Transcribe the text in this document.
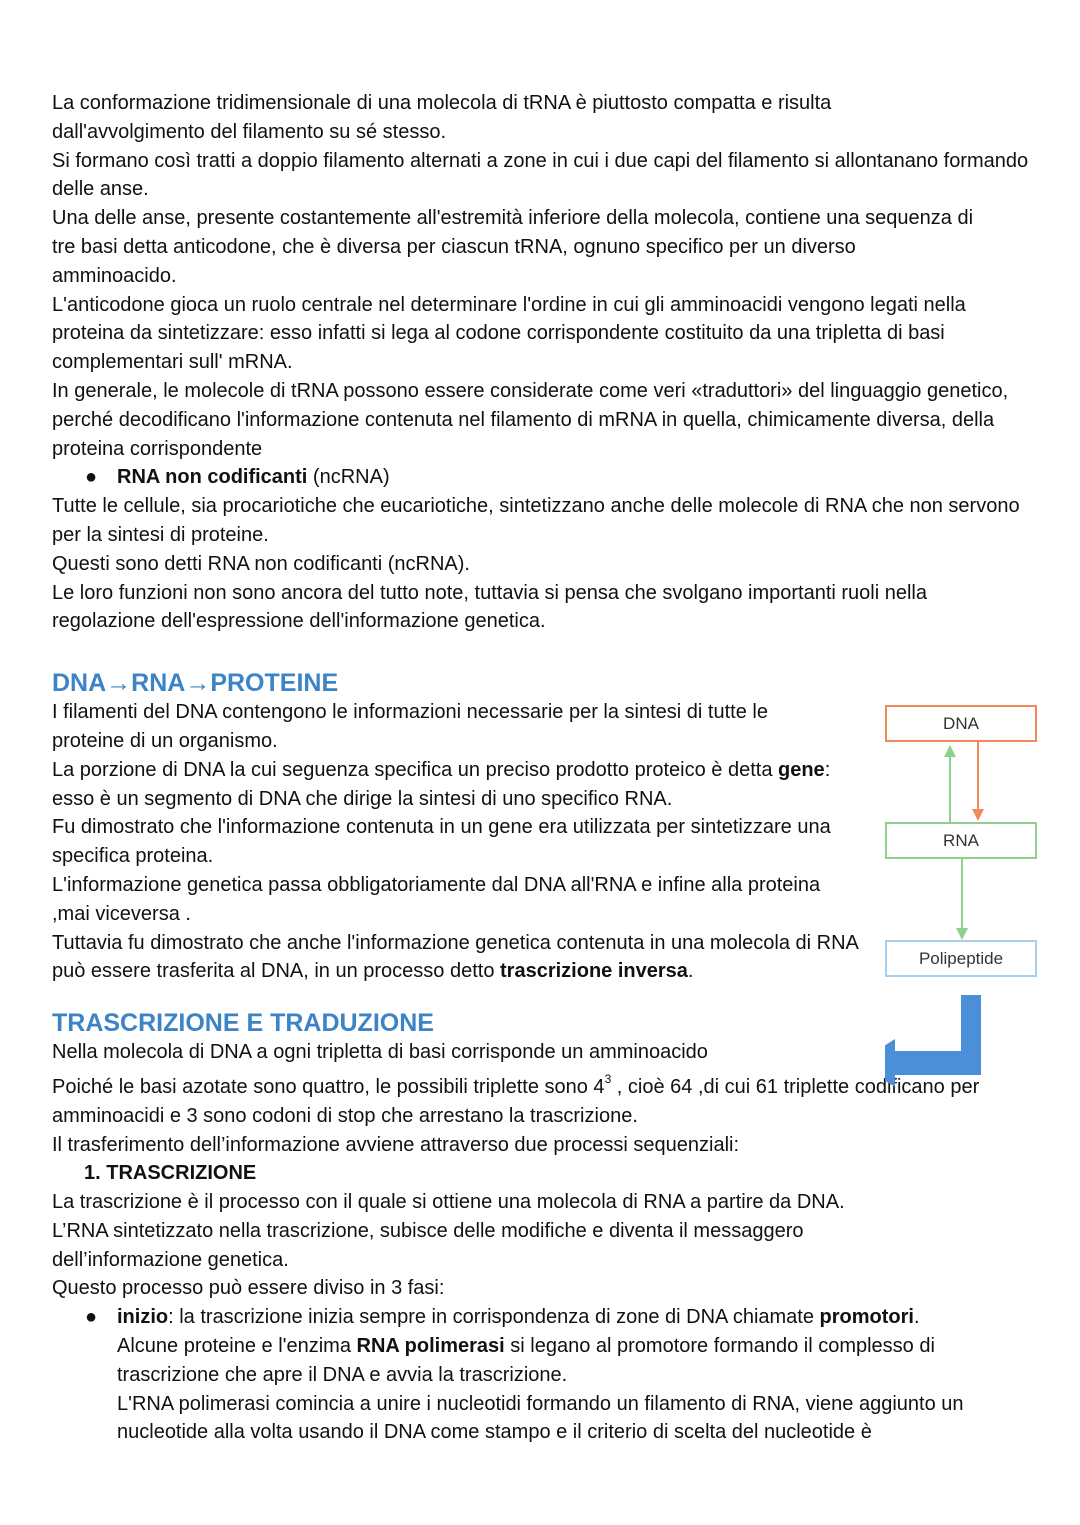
La conformazione tridimensionale di una molecola di tRNA è piuttosto compatta e risulta dall'avvolgimento del filamento su sé stesso.

Si formano così tratti a doppio filamento alternati a zone in cui i due capi del filamento si allontanano formando delle anse.

Una delle anse, presente costantemente all'estremità inferiore della molecola, contiene una sequenza di tre basi detta anticodone, che è diversa per ciascun tRNA, ognuno specifico per un diverso amminoacido.

L'anticodone gioca un ruolo centrale nel determinare l'ordine in cui gli amminoacidi vengono legati nella proteina da sintetizzare: esso infatti si lega al codone corrispondente costituito da una tripletta di basi complementari sull' mRNA.

In generale, le molecole di tRNA possono essere considerate come veri «traduttori» del linguaggio genetico, perché decodificano l'informazione contenuta nel filamento di mRNA in quella, chimicamente diversa, della proteina corrispondente

● RNA non codificanti (ncRNA)

Tutte le cellule, sia procariotiche che eucariotiche, sintetizzano anche delle molecole di RNA che non servono per la sintesi di proteine.

Questi sono detti RNA non codificanti (ncRNA).

Le loro funzioni non sono ancora del tutto note, tuttavia si pensa che svolgano importanti ruoli nella regolazione dell'espressione dell'informazione genetica.

DNA→RNA→PROTEINE

I filamenti del DNA contengono le informazioni necessarie per la sintesi di tutte le proteine di un organismo.

La porzione di DNA la cui seguenza specifica un preciso prodotto proteico è detta gene: esso è un segmento di DNA che dirige la sintesi di uno specifico RNA.

Fu dimostrato che l'informazione contenuta in un gene era utilizzata per sintetizzare una specifica proteina.

L'informazione genetica passa obbligatoriamente dal DNA all'RNA e infine alla proteina ,mai viceversa .

Tuttavia fu dimostrato che anche l'informazione genetica contenuta in una molecola di RNA può essere trasferita al DNA, in un processo detto trascrizione inversa.

TRASCRIZIONE E TRADUZIONE

Nella molecola di DNA a ogni tripletta di basi corrisponde un amminoacido

Poiché le basi azotate sono quattro, le possibili triplette sono $4^3$ , cioè 64 ,di cui 61 triplette codificano per amminoacidi e 3 sono codoni di stop che arrestano la trascrizione.

Il trasferimento dell’informazione avviene attraverso due processi sequenziali:

1. TRASCRIZIONE

La trascrizione è il processo con il quale si ottiene una molecola di RNA a partire da DNA.

L’RNA sintetizzato nella trascrizione, subisce delle modifiche e diventa il messaggero dell’informazione genetica.

Questo processo può essere diviso in 3 fasi:

● inizio: la trascrizione inizia sempre in corrispondenza di zone di DNA chiamate promotori.
Alcune proteine e l'enzima RNA polimerasi si legano al promotore formando il complesso di trascrizione che apre il DNA e avvia la trascrizione.
L'RNA polimerasi comincia a unire i nucleotidi formando un filamento di RNA, viene aggiunto un nucleotide alla volta usando il DNA come stampo e il criterio di scelta del nucleotide è
DNA
RNA
Polipeptide
